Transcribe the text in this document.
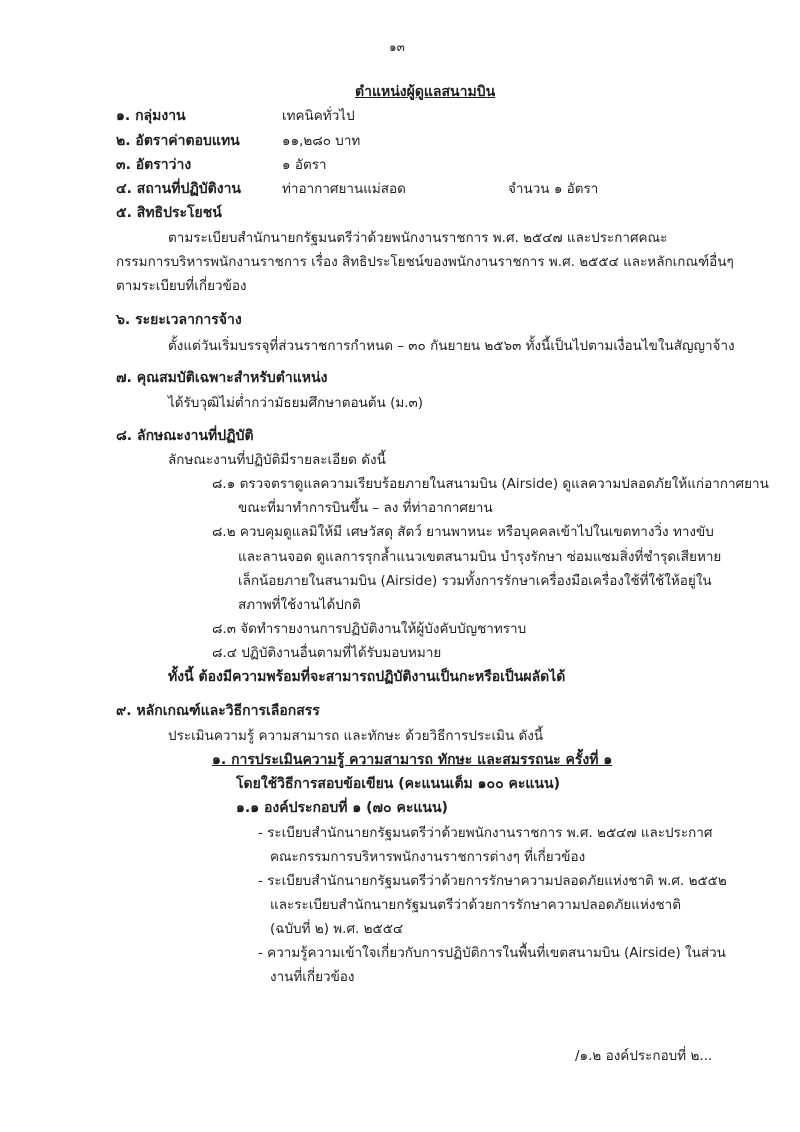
๑๓
ตำแหน่งผู้ดูแลสนามบิน
๑. กลุ่มงาน	เทคนิคทั่วไป
๒. อัตราค่าตอบแทน	๑๑,๒๘๐ บาท
๓. อัตราว่าง	๑ อัตรา
๔. สถานที่ปฏิบัติงาน	ท่าอากาศยานแม่สอด	จำนวน ๑ อัตรา
๕. สิทธิประโยชน์
ตามระเบียบสำนักนายกรัฐมนตรีว่าด้วยพนักงานราชการ พ.ศ. ๒๕๔๗ และประกาศคณะ
กรรมการบริหารพนักงานราชการ เรื่อง สิทธิประโยชน์ของพนักงานราชการ พ.ศ. ๒๕๕๔ และหลักเกณฑ์อื่นๆ
ตามระเบียบที่เกี่ยวข้อง
๖. ระยะเวลาการจ้าง
ตั้งแต่วันเริ่มบรรจุที่ส่วนราชการกำหนด – ๓๐ กันยายน ๒๕๖๓ ทั้งนี้เป็นไปตามเงื่อนไขในสัญญาจ้าง
๗. คุณสมบัติเฉพาะสำหรับตำแหน่ง
ได้รับวุฒิไม่ต่ำกว่ามัธยมศึกษาตอนต้น (ม.๓)
๘. ลักษณะงานที่ปฏิบัติ
ลักษณะงานที่ปฏิบัติมีรายละเอียด ดังนี้
๘.๑ ตรวจตราดูแลความเรียบร้อยภายในสนามบิน (Airside) ดูแลความปลอดภัยให้แก่อากาศยาน
ขณะที่มาทำการบินขึ้น – ลง ที่ท่าอากาศยาน
๘.๒ ควบคุมดูแลมิให้มี เศษวัสดุ สัตว์ ยานพาหนะ หรือบุคคลเข้าไปในเขตทางวิ่ง ทางขับ
และลานจอด ดูแลการรุกล้ำแนวเขตสนามบิน บำรุงรักษา ซ่อมแซมสิ่งที่ชำรุดเสียหาย
เล็กน้อยภายในสนามบิน (Airside) รวมทั้งการรักษาเครื่องมือเครื่องใช้ที่ใช้ให้อยู่ใน
สภาพที่ใช้งานได้ปกติ
๘.๓ จัดทำรายงานการปฏิบัติงานให้ผู้บังคับบัญชาทราบ
๘.๔ ปฏิบัติงานอื่นตามที่ได้รับมอบหมาย
ทั้งนี้ ต้องมีความพร้อมที่จะสามารถปฏิบัติงานเป็นกะหรือเป็นผลัดได้
๙. หลักเกณฑ์และวิธีการเลือกสรร
ประเมินความรู้ ความสามารถ และทักษะ ด้วยวิธีการประเมิน ดังนี้
๑. การประเมินความรู้ ความสามารถ ทักษะ และสมรรถนะ ครั้งที่ ๑
โดยใช้วิธีการสอบข้อเขียน (คะแนนเต็ม ๑๐๐ คะแนน)
๑.๑ องค์ประกอบที่ ๑ (๗๐ คะแนน)
- ระเบียบสำนักนายกรัฐมนตรีว่าด้วยพนักงานราชการ พ.ศ. ๒๕๔๗ และประกาศ
คณะกรรมการบริหารพนักงานราชการต่างๆ ที่เกี่ยวข้อง
- ระเบียบสำนักนายกรัฐมนตรีว่าด้วยการรักษาความปลอดภัยแห่งชาติ พ.ศ. ๒๕๕๒
และระเบียบสำนักนายกรัฐมนตรีว่าด้วยการรักษาความปลอดภัยแห่งชาติ
(ฉบับที่ ๒) พ.ศ. ๒๕๕๔
- ความรู้ความเข้าใจเกี่ยวกับการปฏิบัติการในพื้นที่เขตสนามบิน (Airside) ในส่วน
งานที่เกี่ยวข้อง
/๑.๒ องค์ประกอบที่ ๒...
